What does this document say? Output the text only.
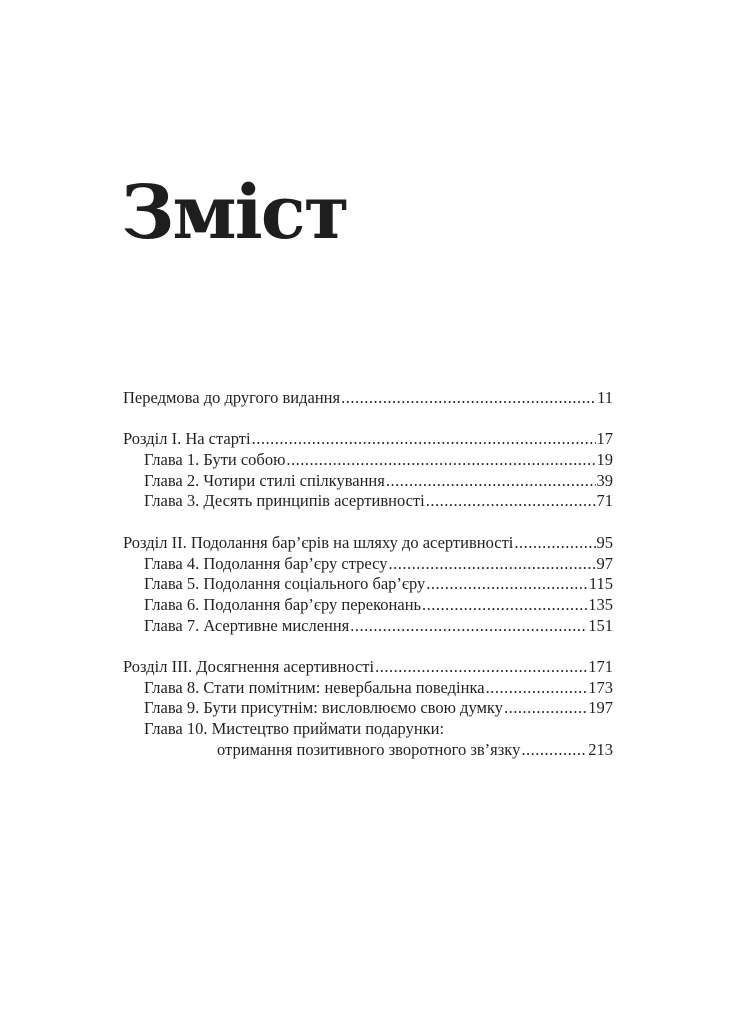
Зміст
Передмова до другого видання .....	11
Розділ I. На старті .....	17
Глава 1. Бути собою .....	19
Глава 2. Чотири стилі спілкування .....	39
Глава 3. Десять принципів асертивності .....	71
Розділ II. Подолання бар’єрів на шляху до асертивності .....	95
Глава 4. Подолання бар’єру стресу .....	97
Глава 5. Подолання соціального бар’єру .....	115
Глава 6. Подолання бар’єру переконань .....	135
Глава 7. Асертивне мислення .....	151
Розділ III. Досягнення асертивності .....	171
Глава 8. Стати помітним: невербальна поведінка .....	173
Глава 9. Бути присутнім: висловлюємо свою думку .....	197
Глава 10. Мистецтво приймати подарунки:
отримання позитивного зворотного зв’язку .....	213
